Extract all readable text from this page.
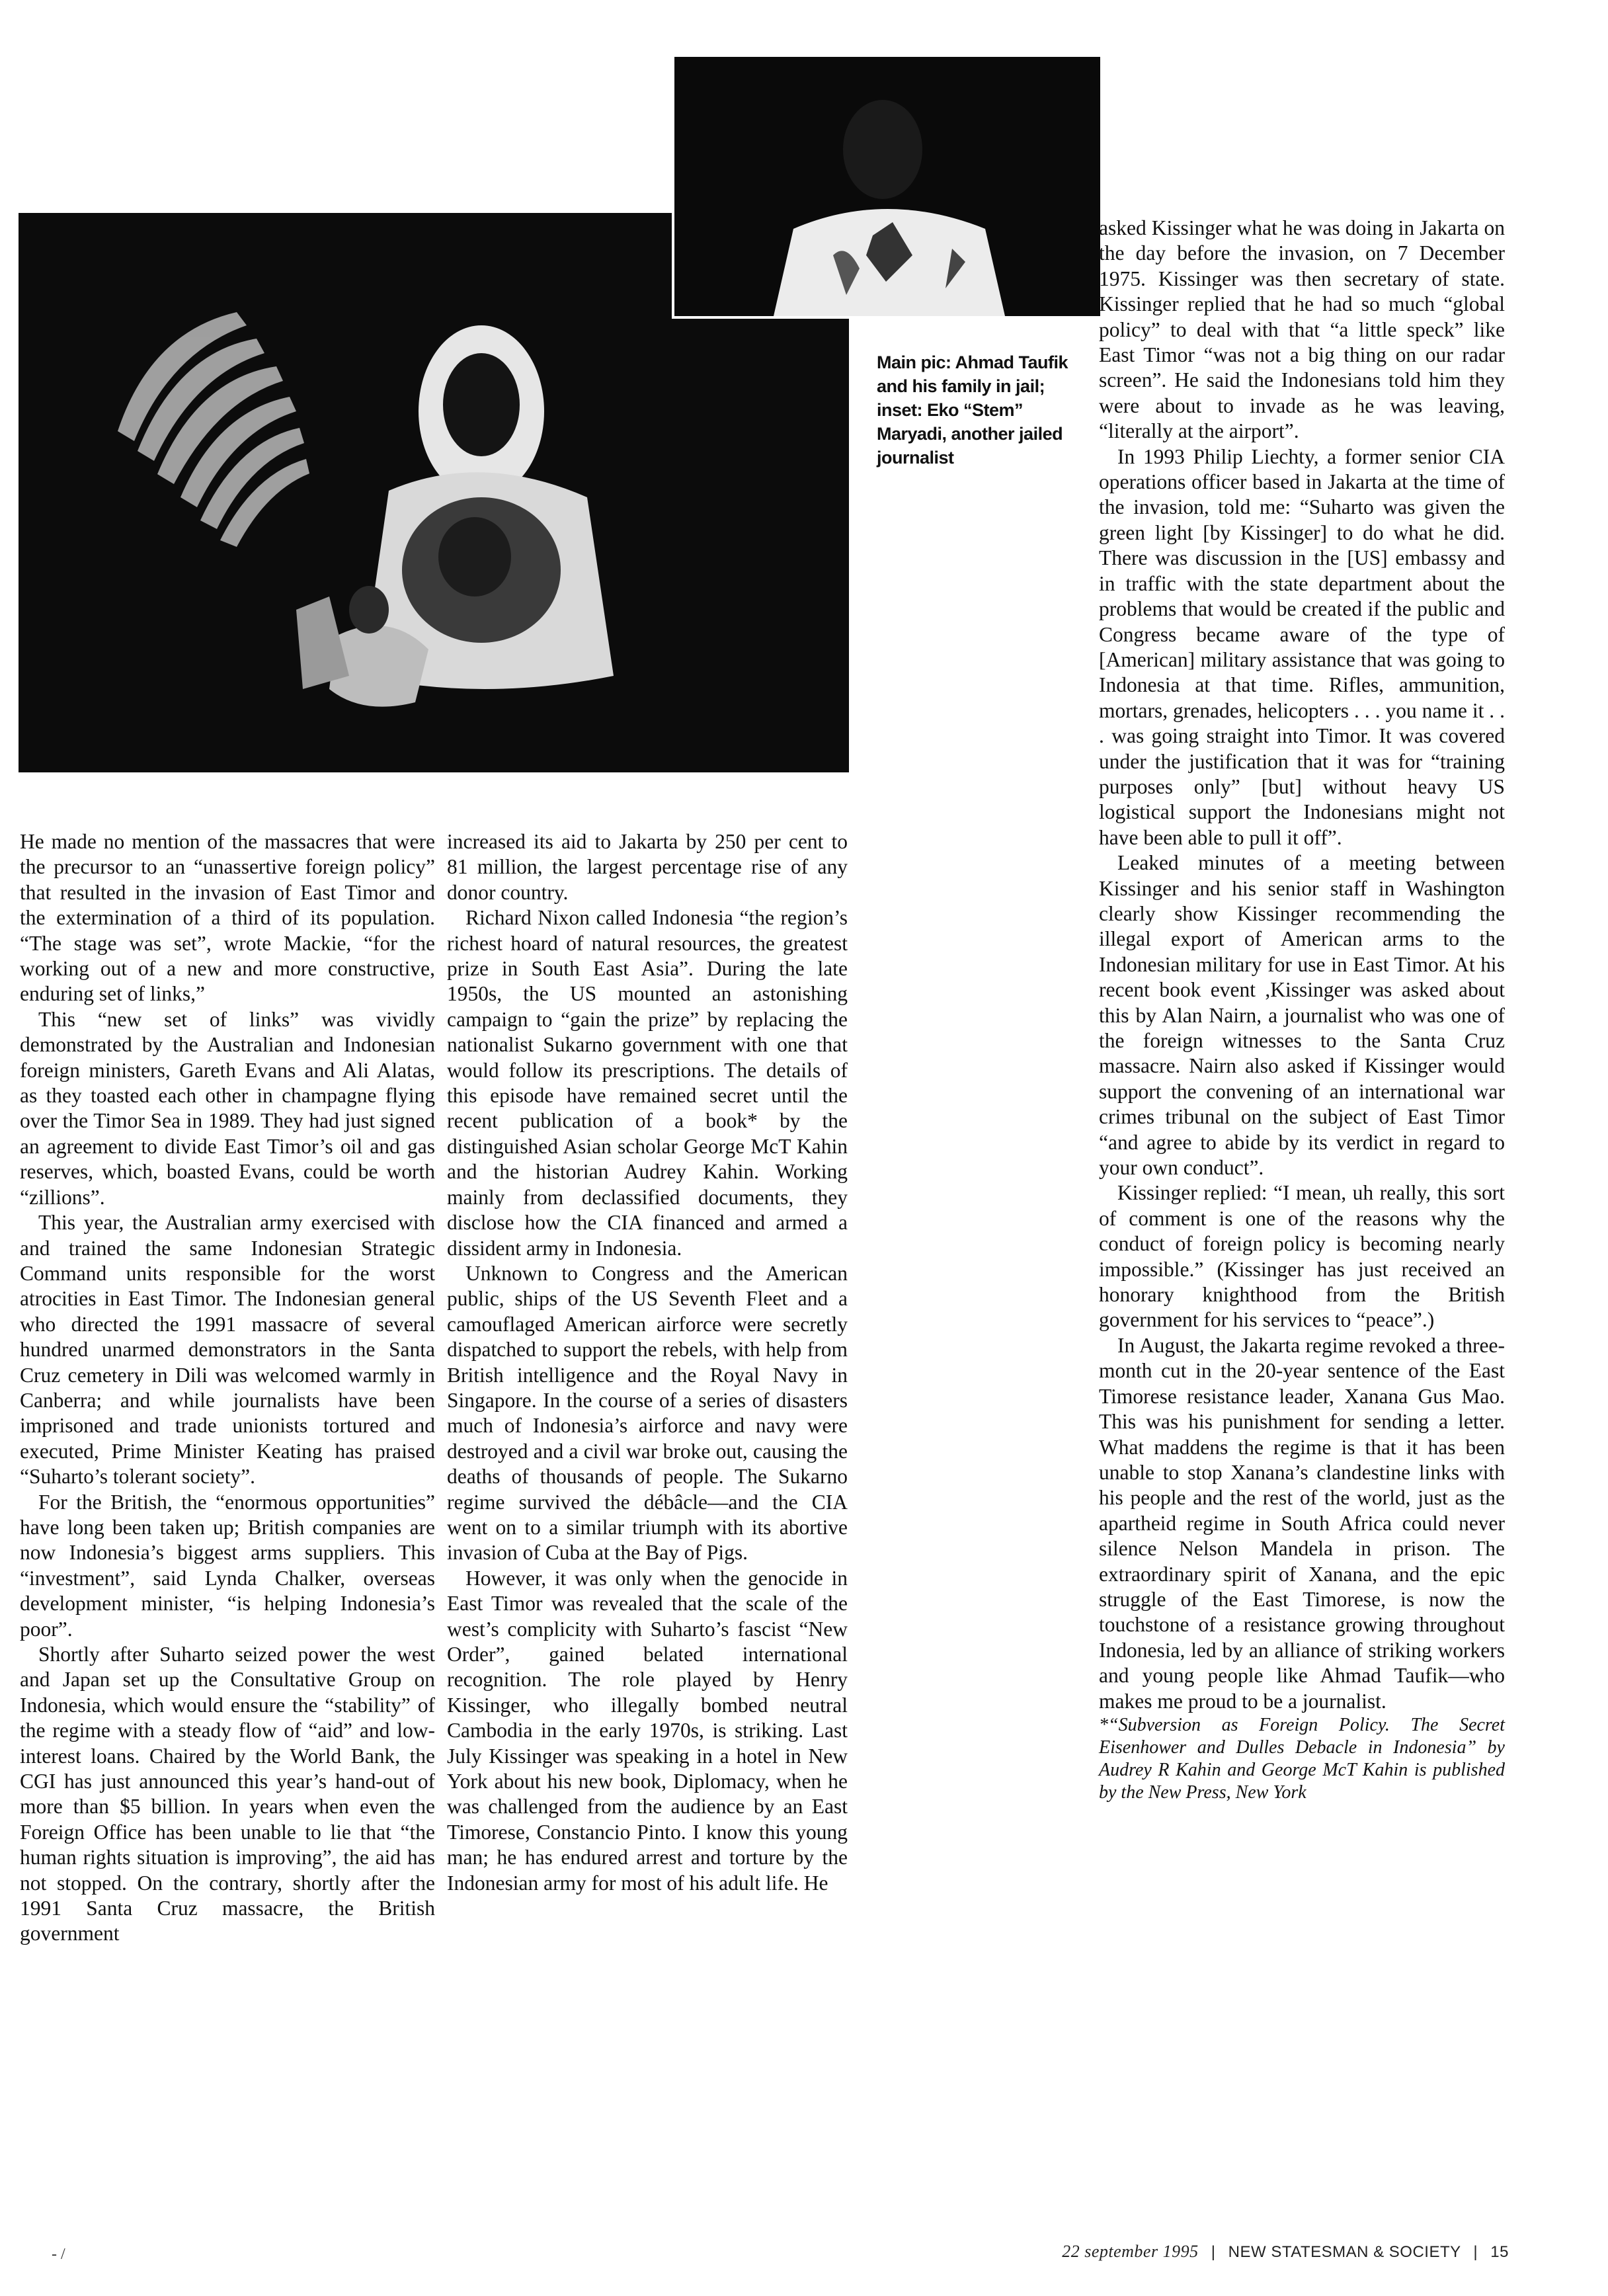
Main pic: Ahmad Taufik and his family in jail; inset: Eko “Stem” Maryadi, another jailed journalist

He made no mention of the massacres that were the precursor to an “unassertive foreign policy” that resulted in the invasion of East Timor and the extermination of a third of its population. “The stage was set”, wrote Mackie, “for the working out of a new and more constructive, enduring set of links,”

This “new set of links” was vividly demonstrated by the Australian and Indonesian foreign ministers, Gareth Evans and Ali Alatas, as they toasted each other in champagne flying over the Timor Sea in 1989. They had just signed an agreement to divide East Timor’s oil and gas reserves, which, boasted Evans, could be worth “zillions”.

This year, the Australian army exercised with and trained the same Indonesian Strategic Command units responsible for the worst atrocities in East Timor. The Indonesian general who directed the 1991 massacre of several hundred unarmed demonstrators in the Santa Cruz cemetery in Dili was welcomed warmly in Canberra; and while journalists have been imprisoned and trade unionists tortured and executed, Prime Minister Keating has praised “Suharto’s tolerant society”.

For the British, the “enormous opportunities” have long been taken up; British companies are now Indonesia’s biggest arms suppliers. This “investment”, said Lynda Chalker, overseas development minister, “is helping Indonesia’s poor”.

Shortly after Suharto seized power the west and Japan set up the Consultative Group on Indonesia, which would ensure the “stability” of the regime with a steady flow of “aid” and low-interest loans. Chaired by the World Bank, the CGI has just announced this year’s hand-out of more than $5 billion. In years when even the Foreign Office has been unable to lie that “the human rights situation is improving”, the aid has not stopped. On the contrary, shortly after the 1991 Santa Cruz massacre, the British government

increased its aid to Jakarta by 250 per cent to 81 million, the largest percentage rise of any donor country.

Richard Nixon called Indonesia “the region’s richest hoard of natural resources, the greatest prize in South East Asia”. During the late 1950s, the US mounted an astonishing campaign to “gain the prize” by replacing the nationalist Sukarno government with one that would follow its prescriptions. The details of this episode have remained secret until the recent publication of a book* by the distinguished Asian scholar George McT Kahin and the historian Audrey Kahin. Working mainly from declassified documents, they disclose how the CIA financed and armed a dissident army in Indonesia.

Unknown to Congress and the American public, ships of the US Seventh Fleet and a camouflaged American airforce were secretly dispatched to support the rebels, with help from British intelligence and the Royal Navy in Singapore. In the course of a series of disasters much of Indonesia’s airforce and navy were destroyed and a civil war broke out, causing the deaths of thousands of people. The Sukarno regime survived the débâcle—and the CIA went on to a similar triumph with its abortive invasion of Cuba at the Bay of Pigs.

However, it was only when the genocide in East Timor was revealed that the scale of the west’s complicity with Suharto’s fascist “New Order”, gained belated international recognition. The role played by Henry Kissinger, who illegally bombed neutral Cambodia in the early 1970s, is striking. Last July Kissinger was speaking in a hotel in New York about his new book, Diplomacy, when he was challenged from the audience by an East Timorese, Constancio Pinto. I know this young man; he has endured arrest and torture by the Indonesian army for most of his adult life. He

asked Kissinger what he was doing in Jakarta on the day before the invasion, on 7 December 1975. Kissinger was then secretary of state. Kissinger replied that he had so much “global policy” to deal with that “a little speck” like East Timor “was not a big thing on our radar screen”. He said the Indonesians told him they were about to invade as he was leaving, “literally at the airport”.

In 1993 Philip Liechty, a former senior CIA operations officer based in Jakarta at the time of the invasion, told me: “Suharto was given the green light [by Kissinger] to do what he did. There was discussion in the [US] embassy and in traffic with the state department about the problems that would be created if the public and Congress became aware of the type of [American] military assistance that was going to Indonesia at that time. Rifles, ammunition, mortars, grenades, helicopters . . . you name it . . . was going straight into Timor. It was covered under the justification that it was for “training purposes only” [but] without heavy US logistical support the Indonesians might not have been able to pull it off”.

Leaked minutes of a meeting between Kissinger and his senior staff in Washington clearly show Kissinger recommending the illegal export of American arms to the Indonesian military for use in East Timor. At his recent book event ,Kissinger was asked about this by Alan Nairn, a journalist who was one of the foreign witnesses to the Santa Cruz massacre. Nairn also asked if Kissinger would support the convening of an international war crimes tribunal on the subject of East Timor “and agree to abide by its verdict in regard to your own conduct”.

Kissinger replied: “I mean, uh really, this sort of comment is one of the reasons why the conduct of foreign policy is becoming nearly impossible.” (Kissinger has just received an honorary knighthood from the British government for his services to “peace”.)

In August, the Jakarta regime revoked a three-month cut in the 20-year sentence of the East Timorese resistance leader, Xanana Gus Mao. This was his punishment for sending a letter. What maddens the regime is that it has been unable to stop Xanana’s clandestine links with his people and the rest of the world, just as the apartheid regime in South Africa could never silence Nelson Mandela in prison. The extraordinary spirit of Xanana, and the epic struggle of the East Timorese, is now the touchstone of a resistance growing throughout Indonesia, led by an alliance of striking workers and young people like Ahmad Taufik—who makes me proud to be a journalist.

*“Subversion as Foreign Policy. The Secret Eisenhower and Dulles Debacle in Indonesia” by Audrey R Kahin and George McT Kahin is published by the New Press, New York

- /	22 september 1995 | NEW STATESMAN & SOCIETY | 15
